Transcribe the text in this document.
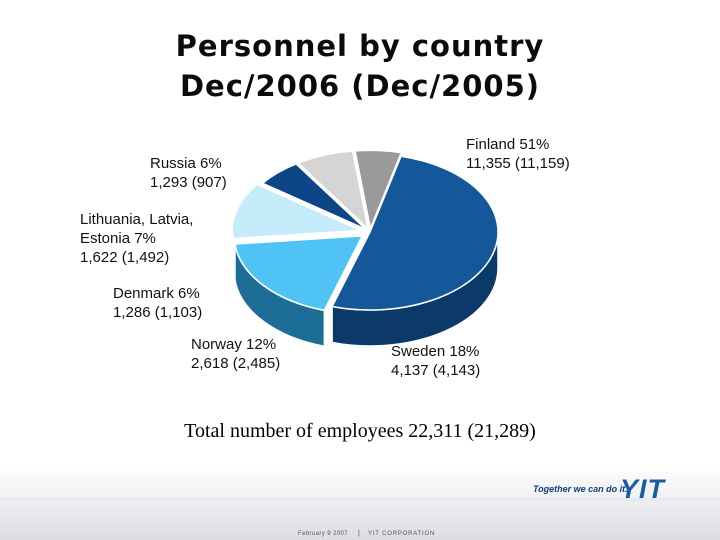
Personnel by country
Dec/2006 (Dec/2005)
Finland 51%
11,355 (11,159)
Russia 6%
1,293 (907)
Lithuania, Latvia,
Estonia 7%
1,622 (1,492)
Denmark 6%
1,286 (1,103)
Norway 12%
2,618 (2,485)
Sweden 18%
4,137 (4,143)
Total number of employees 22,311 (21,289)
Together we can do it.
YIT
February 9 2007 | YIT CORPORATION
